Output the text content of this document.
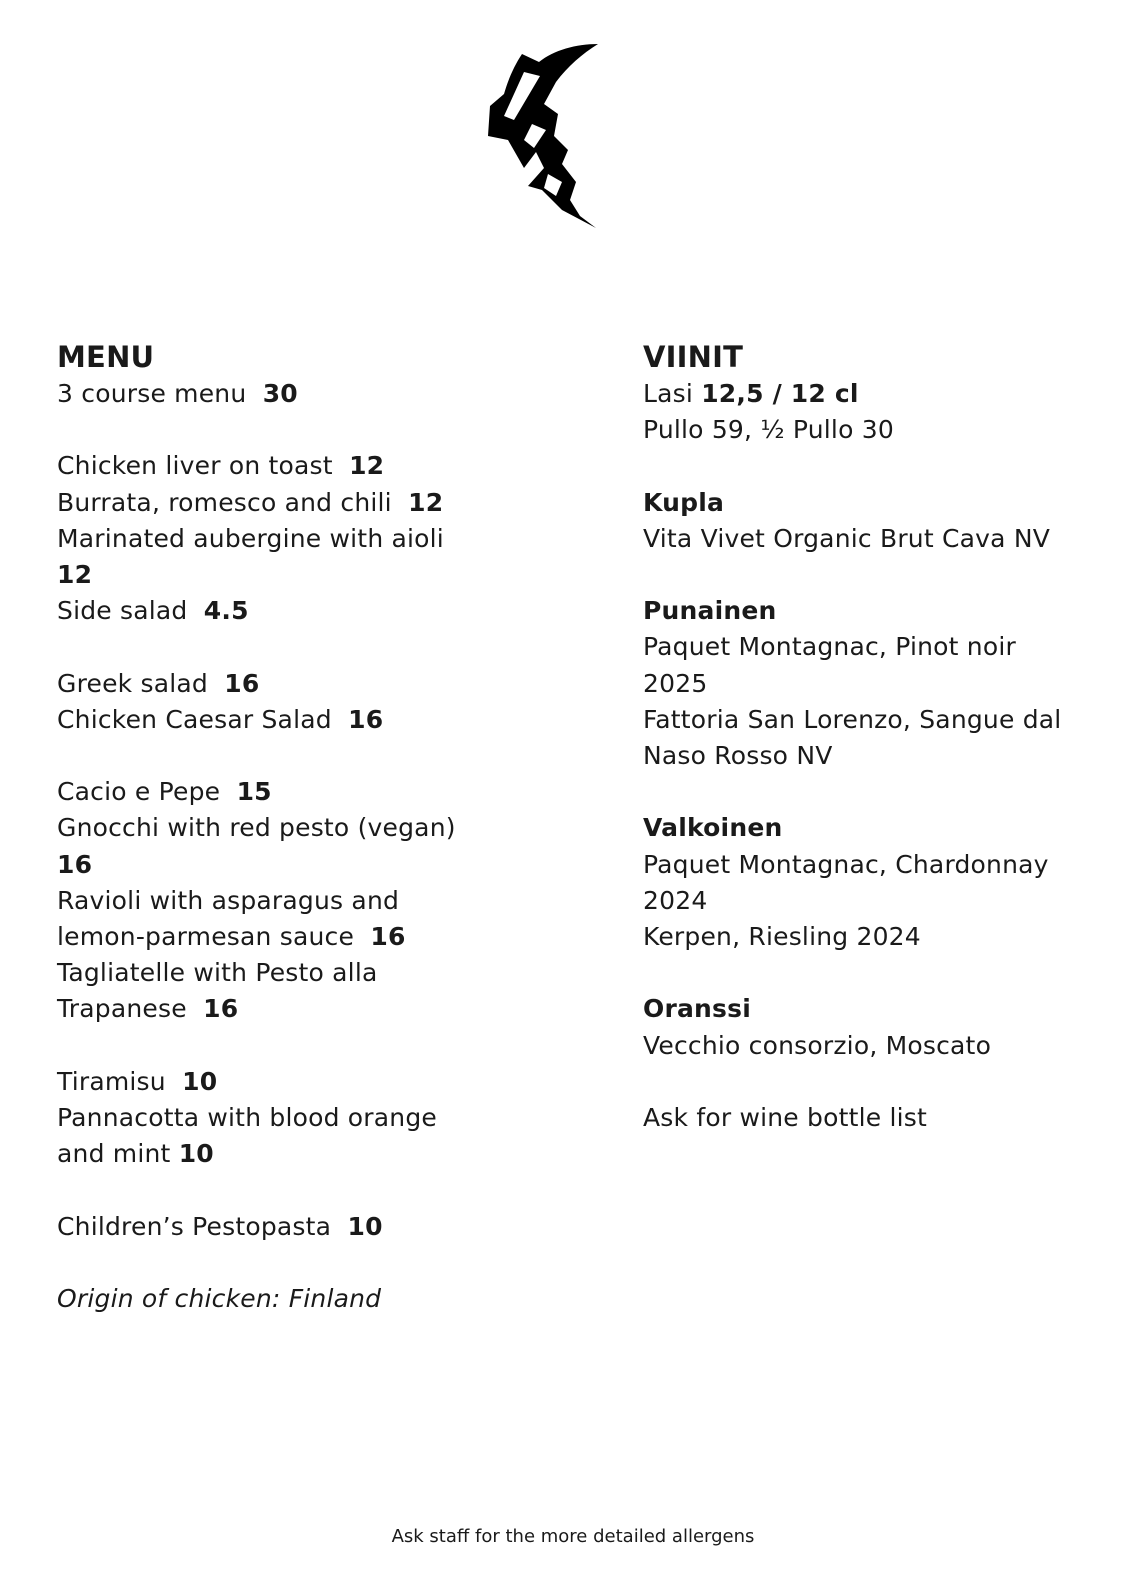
MENU
3 course menu 30
Chicken liver on toast 12
Burrata, romesco and chili 12
Marinated aubergine with aioli
12
Side salad 4.5
Greek salad 16
Chicken Caesar Salad 16
Cacio e Pepe 15
Gnocchi with red pesto (vegan)
16
Ravioli with asparagus and
lemon-parmesan sauce 16
Tagliatelle with Pesto alla
Trapanese 16
Tiramisu 10
Pannacotta with blood orange
and mint 10
Children’s Pestopasta 10
Origin of chicken: Finland
VIINIT
Lasi 12,5 / 12 cl
Pullo 59, ½ Pullo 30
Kupla
Vita Vivet Organic Brut Cava NV
Punainen
Paquet Montagnac, Pinot noir
2025
Fattoria San Lorenzo, Sangue dal
Naso Rosso NV
Valkoinen
Paquet Montagnac, Chardonnay
2024
Kerpen, Riesling 2024
Oranssi
Vecchio consorzio, Moscato
Ask for wine bottle list
Ask staff for the more detailed allergens
